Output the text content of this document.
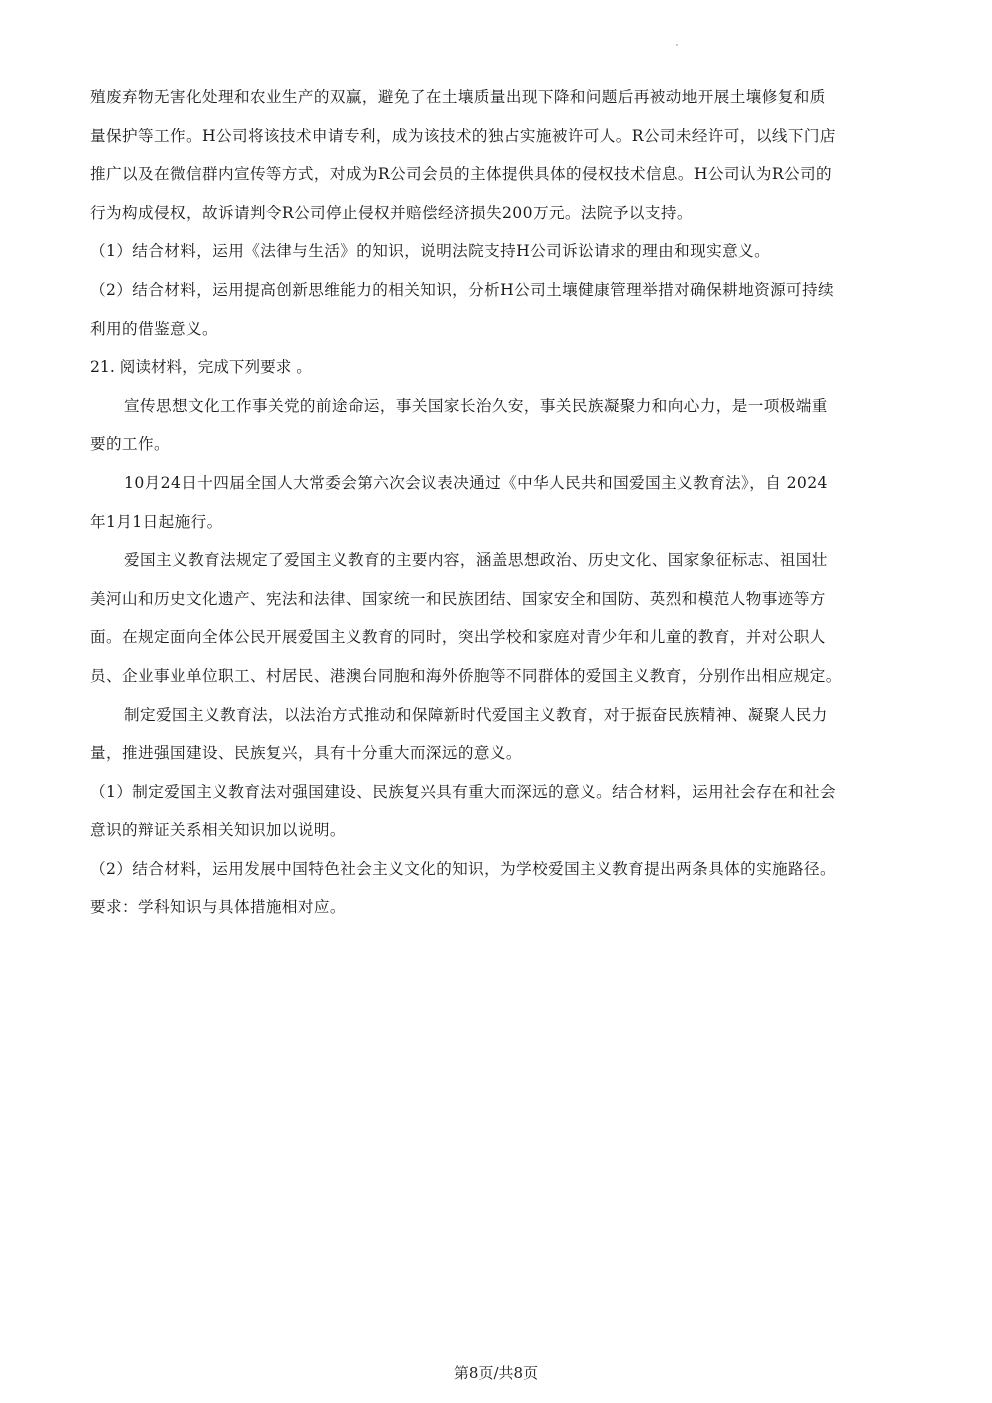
殖废弃物无害化处理和农业生产的双赢，避免了在土壤质量出现下降和问题后再被动地开展土壤修复和质
量保护等工作。H公司将该技术申请专利，成为该技术的独占实施被许可人。R公司未经许可，以线下门店
推广以及在微信群内宣传等方式，对成为R公司会员的主体提供具体的侵权技术信息。H公司认为R公司的
行为构成侵权，故诉请判令R公司停止侵权并赔偿经济损失200万元。法院予以支持。
（1）结合材料，运用《法律与生活》的知识，说明法院支持H公司诉讼请求的理由和现实意义。
（2）结合材料，运用提高创新思维能力的相关知识，分析H公司土壤健康管理举措对确保耕地资源可持续
利用的借鉴意义。
21. 阅读材料，完成下列要求 。
宣传思想文化工作事关党的前途命运，事关国家长治久安，事关民族凝聚力和向心力，是一项极端重
要的工作。
10月24日十四届全国人大常委会第六次会议表决通过《中华人民共和国爱国主义教育法》，自 2024
年1月1日起施行。
爱国主义教育法规定了爱国主义教育的主要内容，涵盖思想政治、历史文化、国家象征标志、祖国壮
美河山和历史文化遗产、宪法和法律、国家统一和民族团结、国家安全和国防、英烈和模范人物事迹等方
面。在规定面向全体公民开展爱国主义教育的同时，突出学校和家庭对青少年和儿童的教育，并对公职人
员、企业事业单位职工、村居民、港澳台同胞和海外侨胞等不同群体的爱国主义教育，分别作出相应规定。
制定爱国主义教育法，以法治方式推动和保障新时代爱国主义教育，对于振奋民族精神、凝聚人民力
量，推进强国建设、民族复兴，具有十分重大而深远的意义。
（1）制定爱国主义教育法对强国建设、民族复兴具有重大而深远的意义。结合材料，运用社会存在和社会
意识的辩证关系相关知识加以说明。
（2）结合材料，运用发展中国特色社会主义文化的知识，为学校爱国主义教育提出两条具体的实施路径。
要求：学科知识与具体措施相对应。
第8页/共8页
